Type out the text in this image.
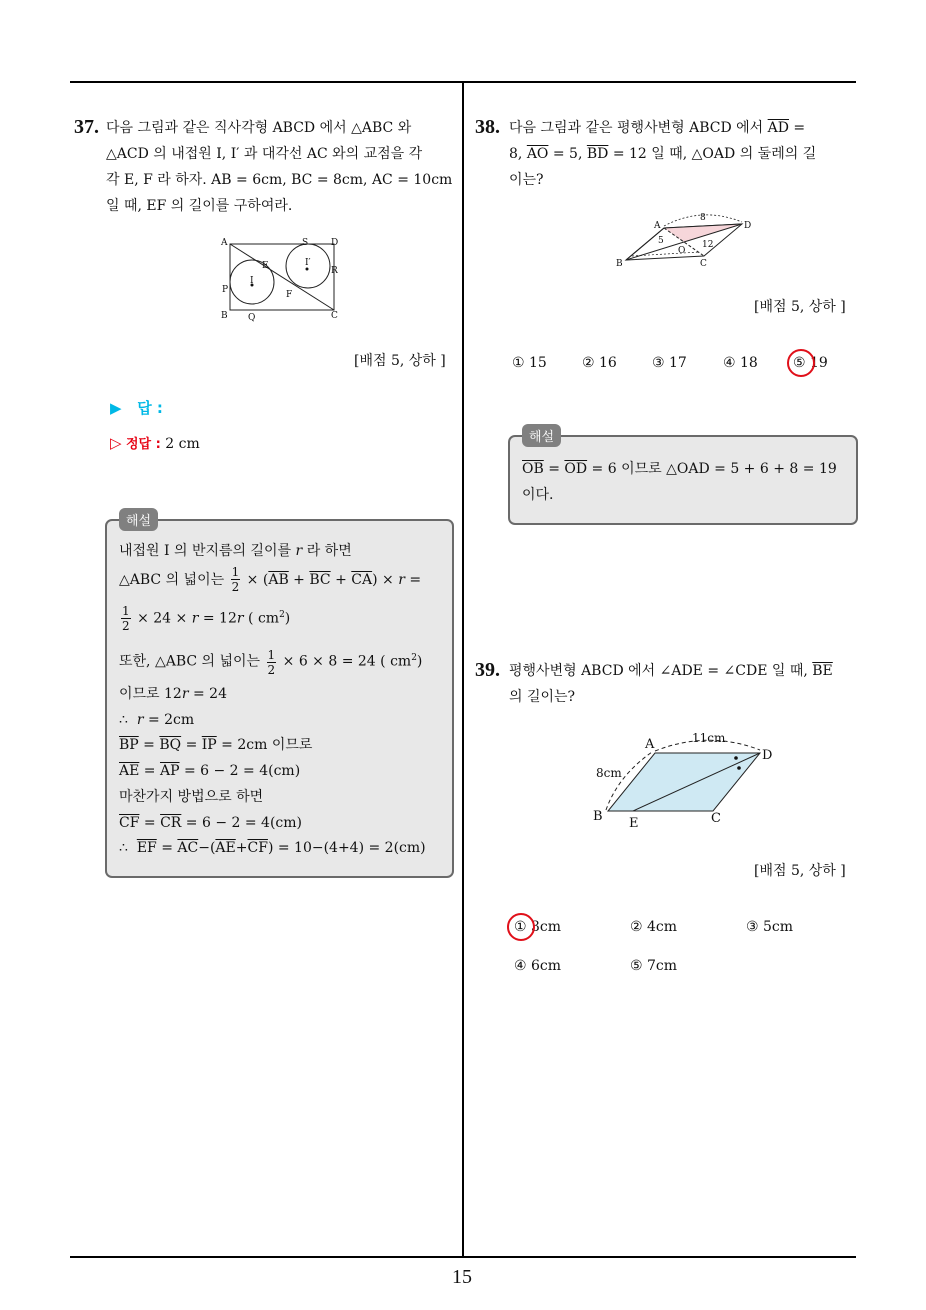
37. 다음 그림과 같은 직사각형 ABCD 에서 △ABC 와
△ACD 의 내접원 I, I′ 과 대각선 AC 와의 교점을 각
각 E, F 라 하자. AB = 6cm, BC = 8cm, AC = 10cm
일 때, EF 의 길이를 구하여라.
A	S	D
E	I′
R
P
I
F
B Q	C
[배점 5, 상하 ]
▶ 답 :
▷ 정답 : 2 cm
해설
내접원 I 의 반지름의 길이를 r 라 하면
△ABC 의 넓이는 $\frac{1}{2} \times (\overline{AB} + \overline{BC} + \overline{CA}) \times r$ =
$\frac{1}{2} \times 24 \times r = 12r$ ( $cm^2$)
또한, △ABC 의 넓이는 $\frac{1}{2} \times 6 \times 8 = 24$ ( $cm^2$)
이므로 12r = 24
∴  r = 2cm
$\overline{BP} = \overline{BQ} = \overline{IP} = 2cm$ 이므로
$\overline{AE} = \overline{AP} = 6 - 2 = 4(cm)$
마찬가지 방법으로 하면
$\overline{CF} = \overline{CR} = 6 - 2 = 4(cm)$
∴  $\overline{EF} = \overline{AC}-(\overline{AE}+\overline{CF}) = 10-(4+4) = 2(cm)$
38. 다음 그림과 같은 평행사변형 ABCD 에서 $\overline{AD}$ =
8, $\overline{AO} = 5$, $\overline{BD} = 12$ 일 때, △OAD 의 둘레의 길
이는?
A
8
D
5
O
12
B	C
[배점 5, 상하 ]
① 15	② 16	③ 17	④ 18	⑤ 19
해설
$\overline{OB} = \overline{OD} = 6$ 이므로 △OAD = 5 + 6 + 8 = 19
이다.
39. 평행사변형 ABCD 에서 ∠ADE = ∠CDE 일 때, $\overline{BE}$
의 길이는?
A	11cm
D
8cm
B E	C
[배점 5, 상하 ]
① 3cm	② 4cm	③ 5cm
④ 6cm	⑤ 7cm
15
